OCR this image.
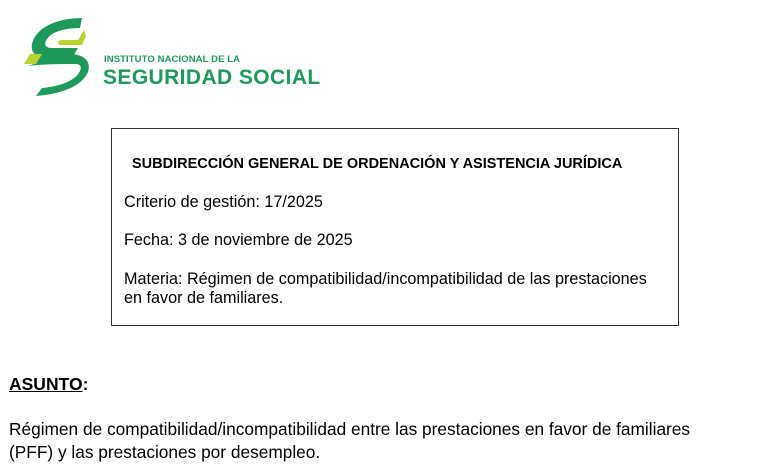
INSTITUTO NACIONAL DE LA
SEGURIDAD SOCIAL
SUBDIRECCIÓN GENERAL DE ORDENACIÓN Y ASISTENCIA JURÍDICA
Criterio de gestión: 17/2025
Fecha: 3 de noviembre de 2025
Materia: Régimen de compatibilidad/incompatibilidad de las prestaciones
en favor de familiares.
ASUNTO:
Régimen de compatibilidad/incompatibilidad entre las prestaciones en favor de familiares
(PFF) y las prestaciones por desempleo.
